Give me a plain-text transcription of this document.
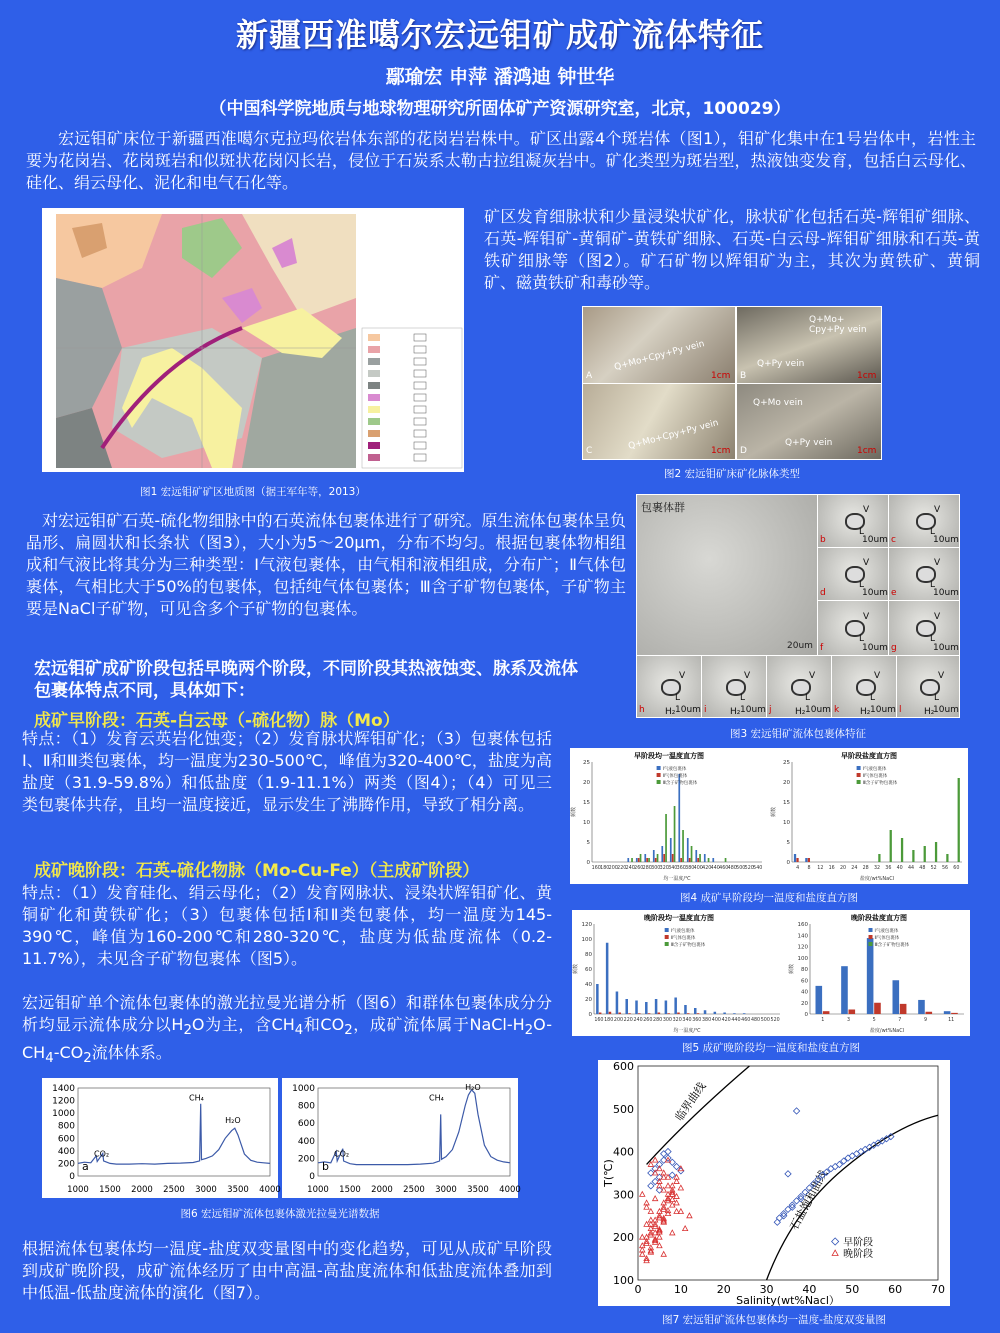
新疆西准噶尔宏远钼矿成矿流体特征
鄢瑜宏 申萍 潘鸿迪 钟世华
（中国科学院地质与地球物理研究所固体矿产资源研究室，北京，100029）
宏远钼矿床位于新疆西准噶尔克拉玛依岩体东部的花岗岩岩株中。矿区出露4个斑岩体（图1），钼矿化集中在1号岩体中，岩性主要为花岗岩、花岗斑岩和似斑状花岗闪长岩，侵位于石炭系太勒古拉组凝灰岩中。矿化类型为斑岩型，热液蚀变发育，包括白云母化、硅化、绢云母化、泥化和电气石化等。
图1 宏远钼矿矿区地质图（据王军年等，2013）
矿区发育细脉状和少量浸染状矿化，脉状矿化包括石英-辉钼矿细脉、石英-辉钼矿-黄铜矿-黄铁矿细脉、石英-白云母-辉钼矿细脉和石英-黄铁矿细脉等（图2）。矿石矿物以辉钼矿为主，其次为黄铁矿、黄铜矿、磁黄铁矿和毒砂等。
Q+Mo+Cpy+Py vein
A	1cm
Q+Mo+ Cpy+Py vein
Q+Py vein
B	1cm
Q+Mo+Cpy+Py vein
C	1cm
Q+Mo vein
Q+Py vein
D	1cm
图2 宏远钼矿床矿化脉体类型
对宏远钼矿石英-硫化物细脉中的石英流体包裹体进行了研究。原生流体包裹体呈负晶形、扁圆状和长条状（图3），大小为5～20μm，分布不均匀。根据包裹体物相组成和气液比将其分为三种类型：Ⅰ气液包裹体，由气相和液相组成，分布广；Ⅱ气体包裹体，气相比大于50%的包裹体，包括纯气体包裹体；Ⅲ含子矿物包裹体，子矿物主要是NaCl子矿物，可见含多个子矿物的包裹体。
包裹体群
20um
b
V
L
10um c
V
L
10um
d
V
L
10um e
V
L
10um
f
V
L
10um g
V
L
10um
h
V
L
H₂ 10um i
V
L
H₂ 10um j
V
L
H₂ 10um k
V
L
H₂ 10um l
V
L
H₂
10um
图3 宏远钼矿流体包裹体特征
宏远钼矿成矿阶段包括早晚两个阶段，不同阶段其热液蚀变、脉系及流体包裹体特点不同，具体如下：
成矿早阶段：石英-白云母（-硫化物）脉（Mo）
特点：（1）发育云英岩化蚀变；（2）发育脉状辉钼矿化；（3）包裹体包括Ⅰ、Ⅱ和Ⅲ类包裹体，均一温度为230-500℃，峰值为320-400℃，盐度为高盐度（31.9-59.8%）和低盐度（1.9-11.1%）两类（图4）；（4）可见三类包裹体共存，且均一温度接近，显示发生了沸腾作用，导致了相分离。
成矿晚阶段：石英-硫化物脉（Mo-Cu-Fe）（主成矿阶段）
特点：（1）发育硅化、绢云母化；（2）发育网脉状、浸染状辉钼矿化、黄铜矿化和黄铁矿化；（3）包裹体包括Ⅰ和Ⅱ类包裹体，均一温度为145-390℃，峰值为160-200℃和280-320℃，盐度为低盐度流体（0.2-11.7%），未见含子矿物包裹体（图5）。
早阶段均一温度直方图
0
5
10
15
20
25
频数
160 180 200 220 240 260 280 300 320 340 360 380 400 420 440 460 480 500 520 540
均一温度/℃
Ⅰ气液包裹体
Ⅱ气体包裹体
Ⅲ含子矿物包裹体
早阶段盐度直方图
0
5
10
15
20
25
频数
4 8 12 16 20 24 28 32 36 40 44 48 52 56 60
盐度/wt%NaCl
Ⅰ气液包裹体
Ⅱ气体包裹体
Ⅲ含子矿物包裹体
图4 成矿早阶段均一温度和盐度直方图
晚阶段均一温度直方图
0
20
40
60
80
100
120
频数
160 180 200 220 240 260 280 300 320 340 360 380 400 420 440 460 480 500 520
均一温度/℃
Ⅰ气液包裹体
Ⅱ气体包裹体
Ⅲ含子矿物包裹体
晚阶段盐度直方图
0
20
40
60
80
100
120
140
160
频数
1	3	5	7	9	11
盐度/wt%NaCl
Ⅰ气液包裹体
Ⅱ气体包裹体
Ⅲ含子矿物包裹体
图5 成矿晚阶段均一温度和盐度直方图
宏远钼矿单个流体包裹体的激光拉曼光谱分析（图6）和群体包裹体成分分析均显示流体成分以$H_2O$为主，含$CH_4$和$CO_2$，成矿流体属于NaCl-$H_2O-CH_4-CO_2$流体体系。
0
200
400
600
800
1000
1200
1400
1000 1500 2000 2500 3000 3500 4000
a
CO₂
CH₄
H₂O
0
200
400
600
800
1000
1000 1500 2000 2500 3000 3500 4000
b
CO₂
CH₄
H₂O
图6 宏远钼矿流体包裹体激光拉曼光谱数据
根据流体包裹体均一温度-盐度双变量图中的变化趋势，可见从成矿早阶段到成矿晚阶段，成矿流体经历了由中高温-高盐度流体和低盐度流体叠加到中低温-低盐度流体的演化（图7）。
100
200
300
400
500
600
0	10	20	30	40	50	60	70
Salinity(wt%Nacl）
T(℃)
临界曲线
石盐饱和曲线
早阶段
晚阶段
图7 宏远钼矿流体包裹体均一温度-盐度双变量图
